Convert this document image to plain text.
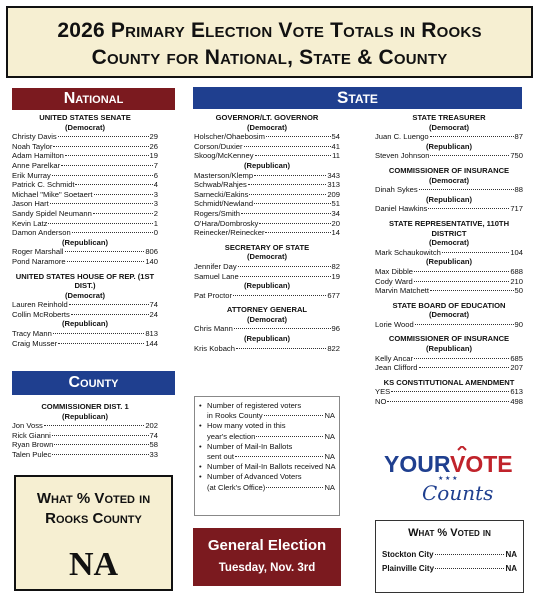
2026 Primary Election Vote Totals in Rooks
County for National, State & County
National	State
County
UNITED STATES SENATE
(Democrat)
Christy Davis	29
Noah Taylor	26
Adam Hamilton	19
Anne Parelkar	7
Erik Murray	6
Patrick C. Schmidt	4
Michael "Mike" Soetaert	3
Jason Hart	3
Sandy Spidel Neumann	2
Kevin Latz	1
Damon Anderson	0
(Republican)
Roger Marshall	806
Pond Naramore	140
UNITED STATES HOUSE OF REP. (1ST DIST.)
(Democrat)
Lauren Reinhold	74
Collin McRoberts	24
(Republican)
Tracy Mann	813
Craig Musser	144
COMMISSIONER DIST. 1
(Republican)
Jon Voss	202
Rick Gianni	74
Ryan Brown	58
Talen Pulec	33
GOVERNOR/LT. GOVERNOR
(Democrat)
Holscher/Ohaebosim	54
Corson/Duxier	41
Skoog/McKenney	11
(Republican)
Masterson/Klemp	343
Schwab/Rahjes	313
Sarnecki/Eakins	209
Schmidt/Newland	51
Rogers/Smith	34
O'Hara/Dombrosky	20
Reinecker/Reinecker	14
SECRETARY OF STATE
(Democrat)
Jennifer Day	82
Samuel Lane	19
(Republican)
Pat Proctor	677
ATTORNEY GENERAL
(Democrat)
Chris Mann	96
(Republican)
Kris Kobach	822
STATE TREASURER
(Democrat)
Juan C. Luengo	87
(Republican)
Steven Johnson	750
COMMISSIONER OF INSURANCE
(Democrat)
Dinah Sykes	88
(Republican)
Daniel Hawkins	717
STATE REPRESENTATIVE, 110TH DISTRICT
(Democrat)
Mark Schaukowitch	104
(Republican)
Max Dibble	688
Cody Ward	210
Marvin Matchett	50
STATE BOARD OF EDUCATION
(Democrat)
Lorie Wood	90
COMMISSIONER OF INSURANCE
(Republican)
Kelly Ancar	685
Jean Clifford	207
KS CONSTITUTIONAL AMENDMENT
YES	613
NO	498
• Number of registered voters
in Rooks County	NA
• How many voted in this
year's election	NA
• Number of Mail-In Ballots
sent out	NA
• Number of Mail-In Ballots received NA
• Number of Advanced Voters
(at Clerk's Office)	NA
General Election
Tuesday, Nov. 3rd
What % Voted in
Rooks County
NA
YOUR VOTE
★ ★ ★
Counts
What % Voted in
Stockton City	NA
Plainville City	NA
